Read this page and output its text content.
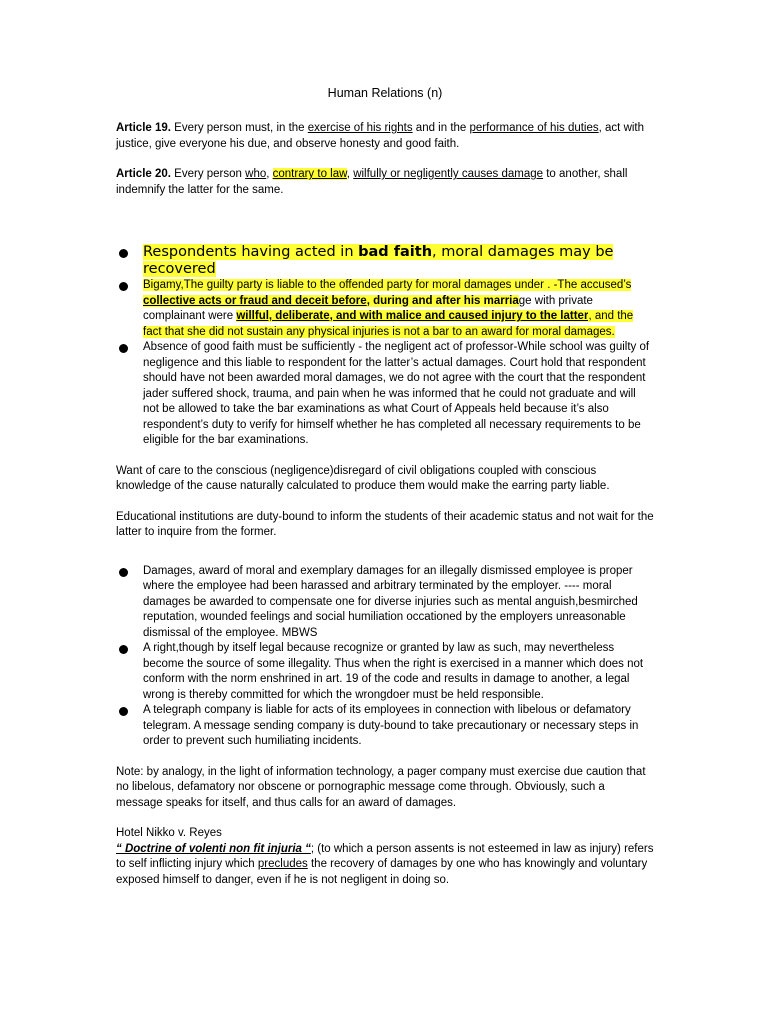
Human Relations (n)

Article 19. Every person must, in the exercise of his rights and in the performance of his duties, act with justice, give everyone his due, and observe honesty and good faith.

Article 20. Every person who, contrary to law, wilfully or negligently causes damage to another, shall indemnify the latter for the same.

Respondents having acted in bad faith, moral damages may be recovered
Bigamy,The guilty party is liable to the offended party for moral damages under . -The accused’s collective acts or fraud and deceit before, during and after his marriage with private complainant were willful, deliberate, and with malice and caused injury to the latter, and the fact that she did not sustain any physical injuries is not a bar to an award for moral damages.
Absence of good faith must be sufficiently - the negligent act of professor-While school was guilty of negligence and this liable to respondent for the latter’s actual damages. Court hold that respondent should have not been awarded moral damages, we do not agree with the court that the respondent jader suffered shock, trauma, and pain when he was informed that he could not graduate and will not be allowed to take the bar examinations as what Court of Appeals held because it’s also respondent’s duty to verify for himself whether he has completed all necessary requirements to be eligible for the bar examinations.

Want of care to the conscious (negligence)disregard of civil obligations coupled with conscious knowledge of the cause naturally calculated to produce them would make the earring party liable.

Educational institutions are duty-bound to inform the students of their academic status and not wait for the latter to inquire from the former.

Damages, award of moral and exemplary damages for an illegally dismissed employee is proper where the employee had been harassed and arbitrary terminated by the employer. ---- moral damages be awarded to compensate one for diverse injuries such as mental anguish,besmirched reputation, wounded feelings and social humiliation occationed by the employers unreasonable dismissal of the employee. MBWS
A right,though by itself legal because recognize or granted by law as such, may nevertheless become the source of some illegality. Thus when the right is exercised in a manner which does not conform with the norm enshrined in art. 19 of the code and results in damage to another, a legal wrong is thereby committed for which the wrongdoer must be held responsible.
A telegraph company is liable for acts of its employees in connection with libelous or defamatory telegram. A message sending company is duty-bound to take precautionary or necessary steps in order to prevent such humiliating incidents.

Note: by analogy, in the light of information technology, a pager company must exercise due caution that no libelous, defamatory nor obscene or pornographic message come through. Obviously, such a message speaks for itself, and thus calls for an award of damages.

Hotel Nikko v. Reyes

“ Doctrine of volenti non fit injuria “; (to which a person assents is not esteemed in law as injury) refers to self inflicting injury which precludes the recovery of damages by one who has knowingly and voluntary exposed himself to danger, even if he is not negligent in doing so.
